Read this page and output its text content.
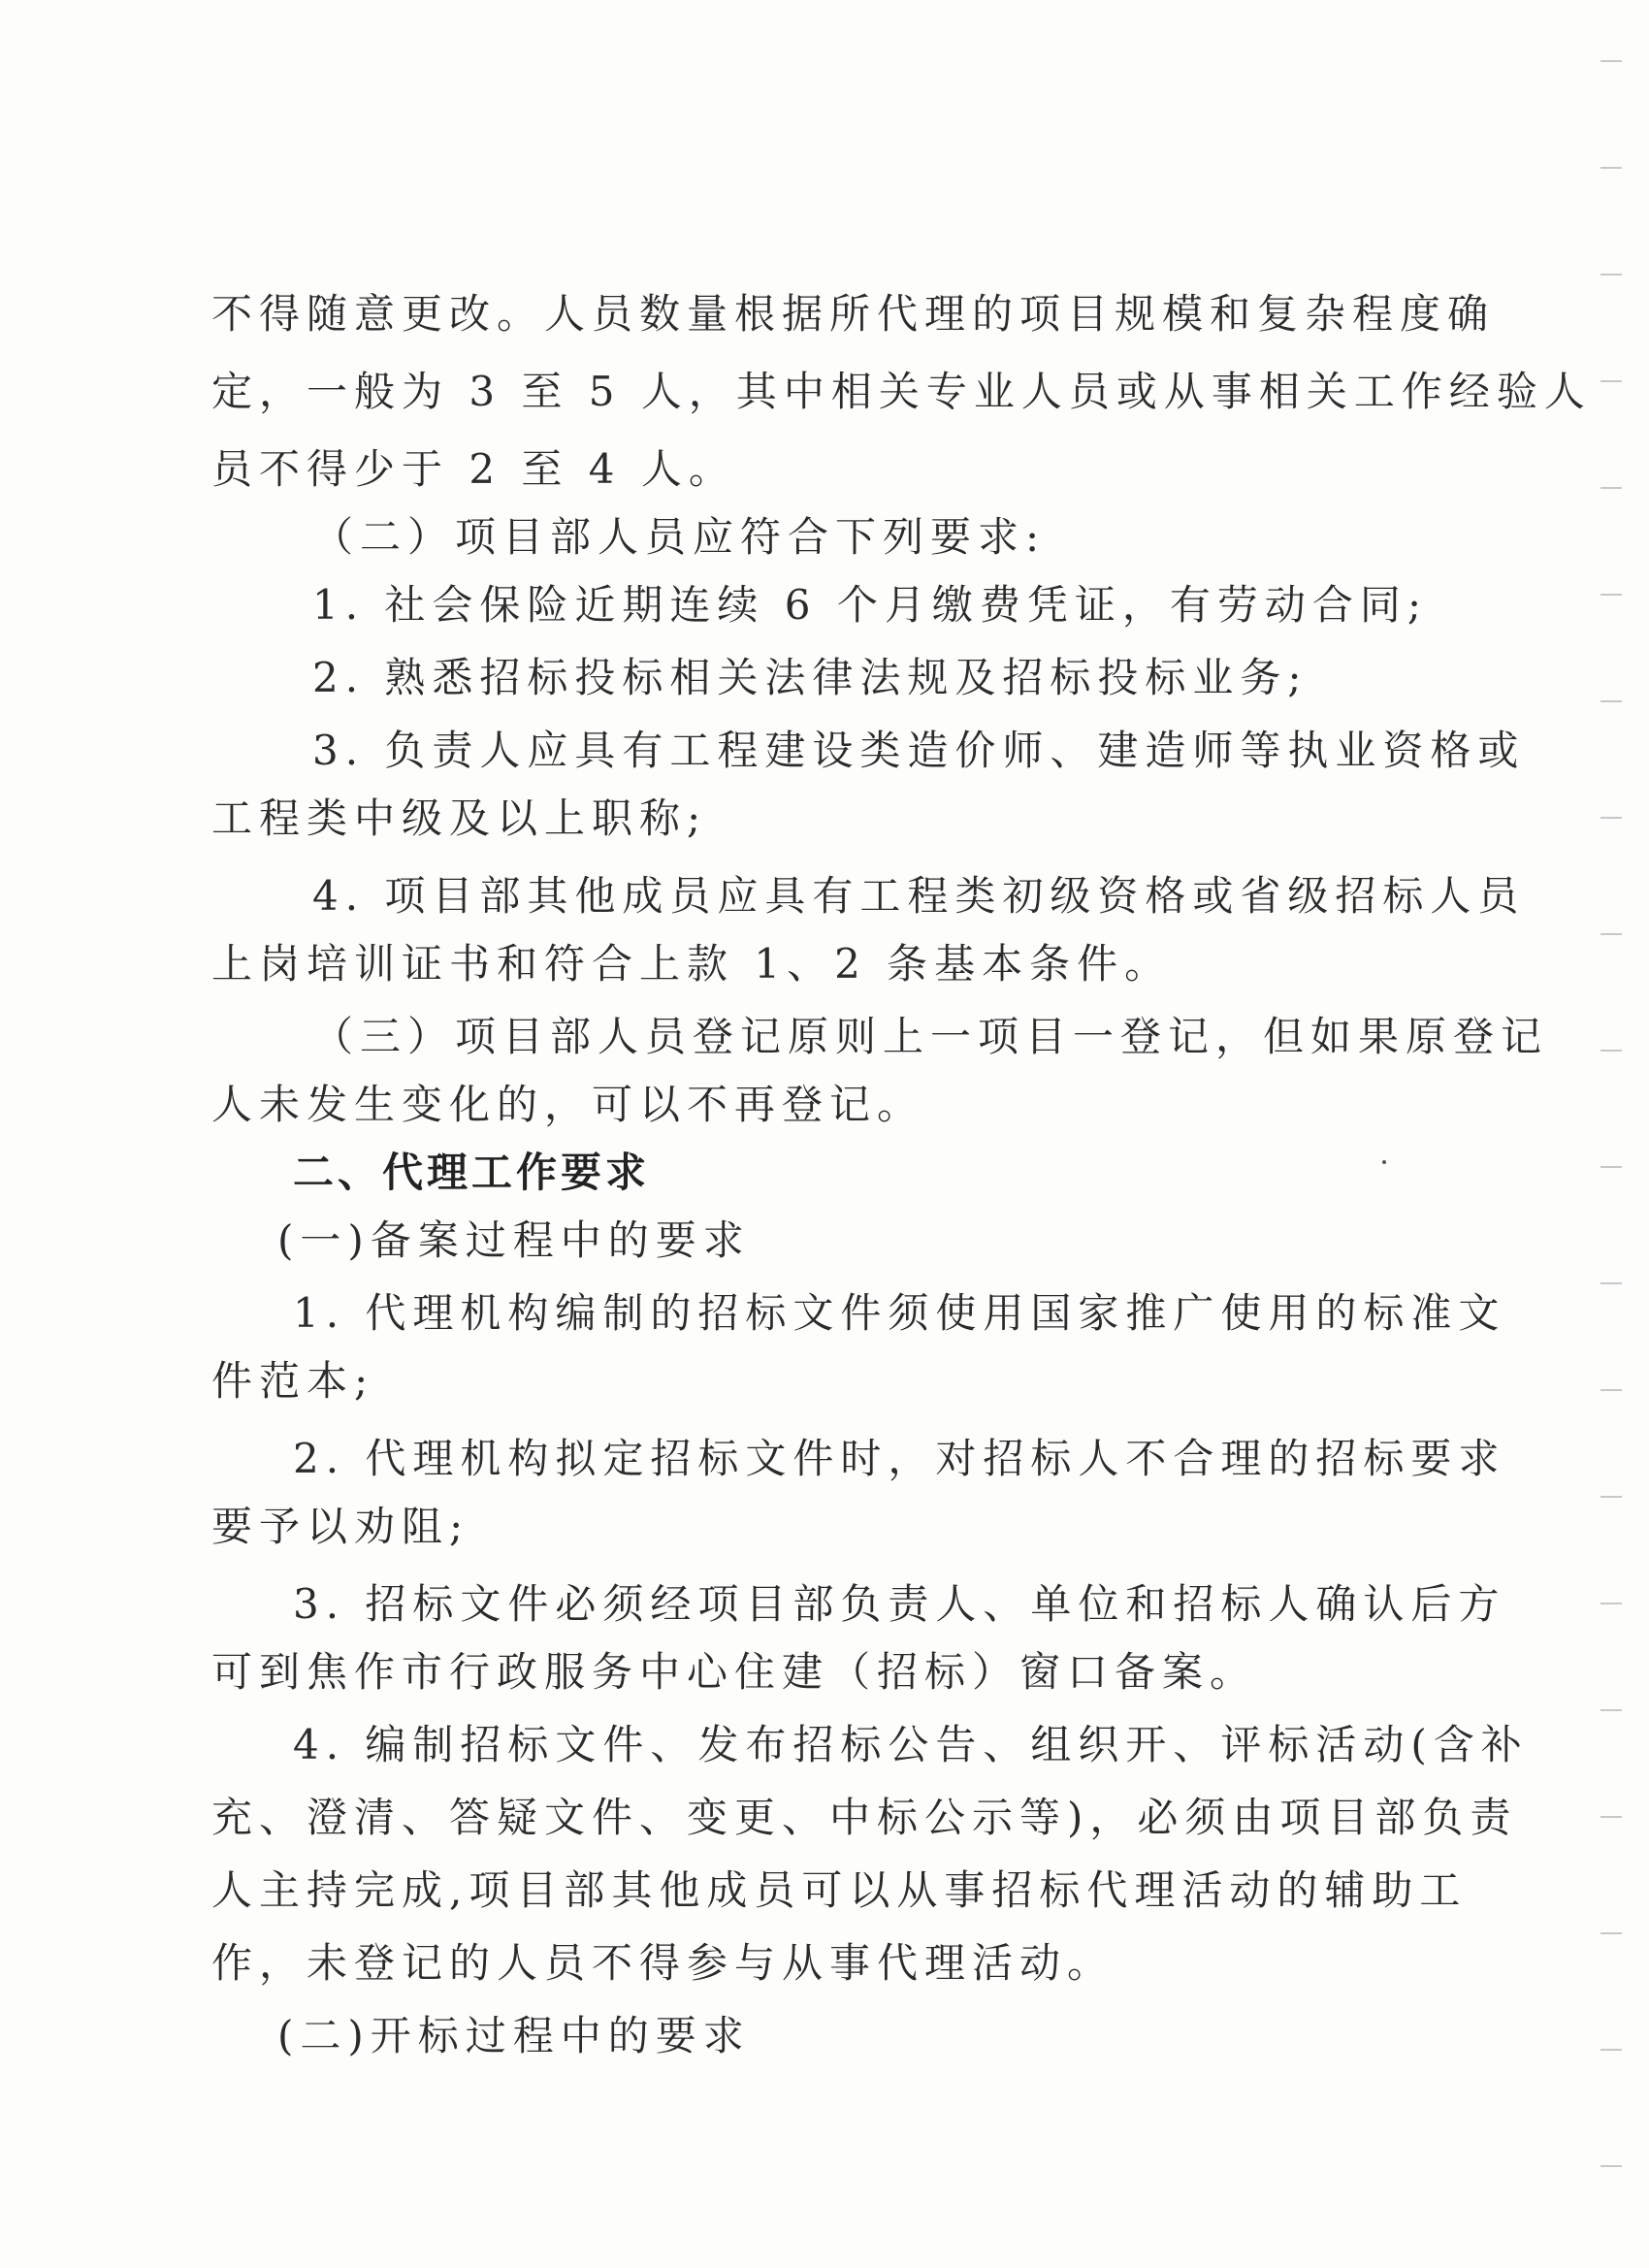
不得随意更改。人员数量根据所代理的项目规模和复杂程度确
定，一般为 3 至 5 人，其中相关专业人员或从事相关工作经验人
员不得少于 2 至 4 人。
（二）项目部人员应符合下列要求:
1. 社会保险近期连续 6 个月缴费凭证，有劳动合同;
2. 熟悉招标投标相关法律法规及招标投标业务;
3. 负责人应具有工程建设类造价师、建造师等执业资格或
工程类中级及以上职称;
4. 项目部其他成员应具有工程类初级资格或省级招标人员
上岗培训证书和符合上款 1、2 条基本条件。
（三）项目部人员登记原则上一项目一登记，但如果原登记
人未发生变化的，可以不再登记。
二、代理工作要求
(一)备案过程中的要求
1. 代理机构编制的招标文件须使用国家推广使用的标准文
件范本;
2. 代理机构拟定招标文件时，对招标人不合理的招标要求
要予以劝阻;
3. 招标文件必须经项目部负责人、单位和招标人确认后方
可到焦作市行政服务中心住建（招标）窗口备案。
4. 编制招标文件、发布招标公告、组织开、评标活动(含补
充、澄清、答疑文件、变更、中标公示等)，必须由项目部负责
人主持完成,项目部其他成员可以从事招标代理活动的辅助工
作，未登记的人员不得参与从事代理活动。
(二)开标过程中的要求
